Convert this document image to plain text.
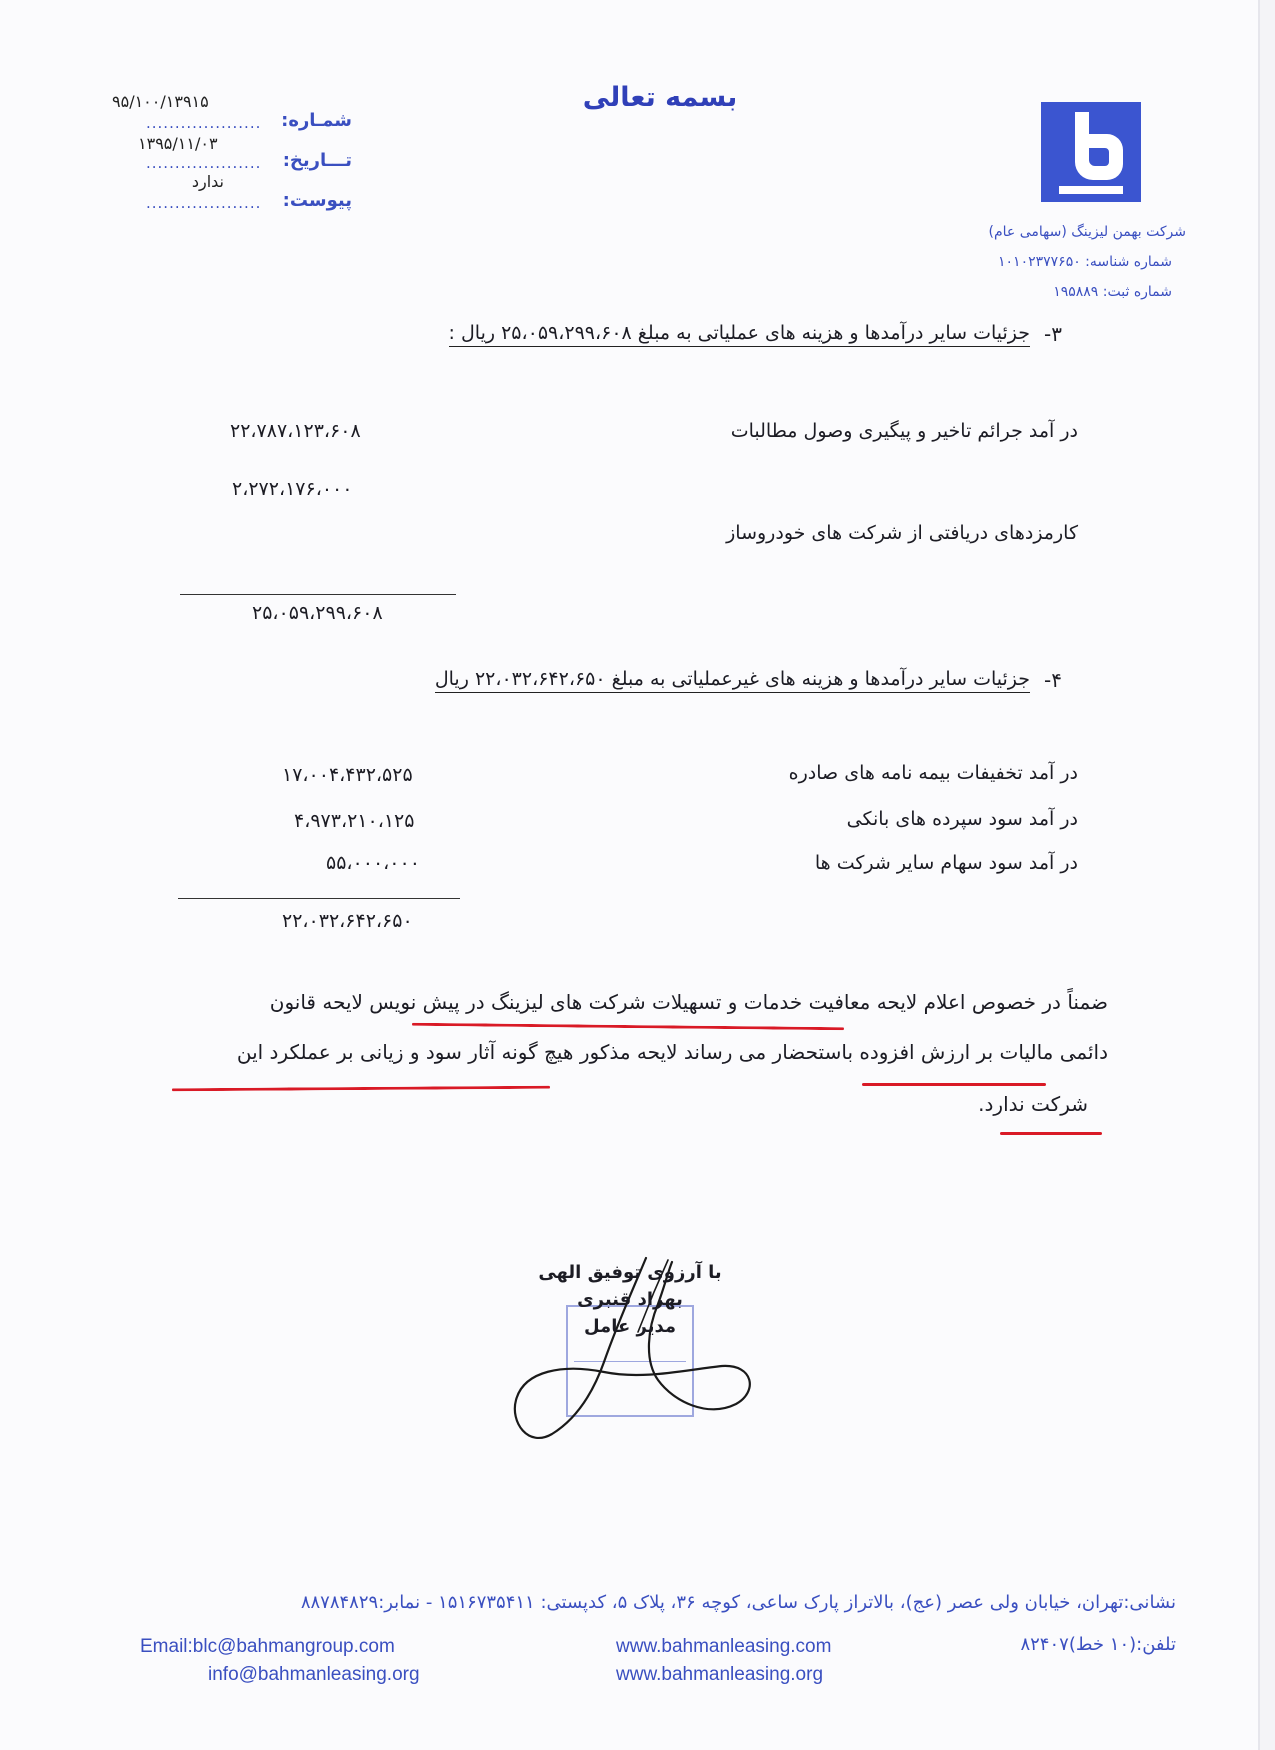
بسمه تعالی
شرکت بهمن لیزینگ (سهامی عام)
شماره شناسه: ۱۰۱۰۲۳۷۷۶۵۰
شماره ثبت: ۱۹۵۸۸۹
۹۵/۱۰۰/۱۳۹۱۵
.................... شمـاره:
۱۳۹۵/۱۱/۰۳
.................... تـــاریخ:
ندارد
.................... پیوست:
۳-
جزئیات سایر درآمدها و هزینه های عملیاتی به مبلغ ۲۵،۰۵۹،۲۹۹،۶۰۸ ریال :
در آمد جرائم تاخیر و پیگیری وصول مطالبات
۲۲،۷۸۷،۱۲۳،۶۰۸
۲،۲۷۲،۱۷۶،۰۰۰
کارمزدهای دریافتی از شرکت های خودروساز
۲۵،۰۵۹،۲۹۹،۶۰۸
۴-
جزئیات سایر درآمدها و هزینه های غیرعملیاتی به مبلغ ۲۲،۰۳۲،۶۴۲،۶۵۰ ریال
در آمد تخفیفات بیمه نامه های صادره
۱۷،۰۰۴،۴۳۲،۵۲۵
در آمد سود سپرده های بانکی
۴،۹۷۳،۲۱۰،۱۲۵
در آمد سود سهام سایر شرکت ها
۵۵،۰۰۰،۰۰۰
۲۲،۰۳۲،۶۴۲،۶۵۰
ضمناً در خصوص اعلام لایحه معافیت خدمات و تسهیلات شرکت های لیزینگ در پیش نویس لایحه قانون
دائمی مالیات بر ارزش افزوده باستحضار می رساند لایحه مذکور هیچ گونه آثار سود و زیانی بر عملکرد این
شرکت ندارد.
با آرزوی توفیق الهی
بهزاد قنبری
مدیر عامل
نشانی:تهران، خیابان ولی عصر (عج)، بالاتراز پارک ساعی، کوچه ۳۶، پلاک ۵، کدپستی: ۱۵۱۶۷۳۵۴۱۱ - نمابر:۸۸۷۸۴۸۲۹
تلفن:(۱۰ خط)۸۲۴۰۷
Email:blc@bahmangroup.com
info@bahmanleasing.org
www.bahmanleasing.com
www.bahmanleasing.org
